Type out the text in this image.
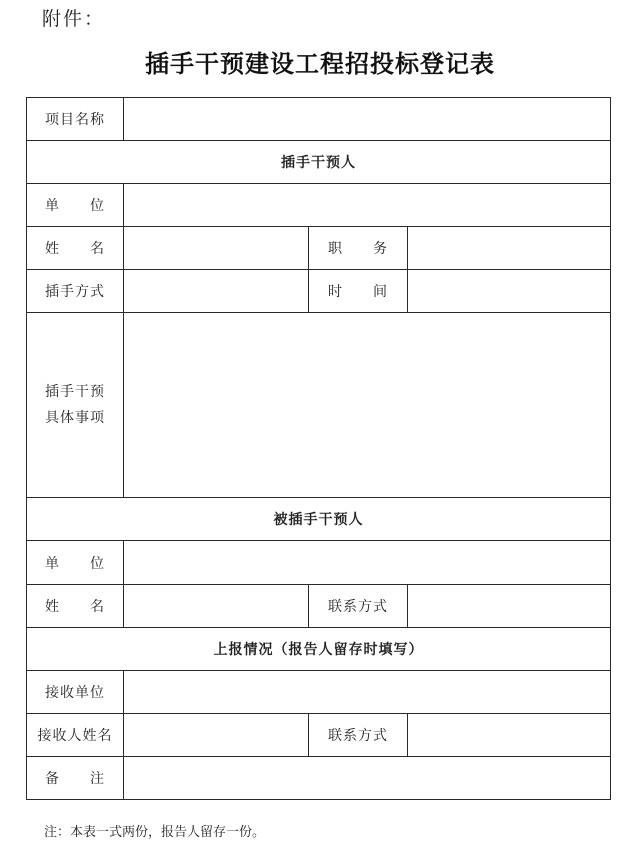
附件：
插手干预建设工程招投标登记表
项目名称			

插手干预人			
单　　位			

姓　　名		职　　务	

插手方式		时　　间	

插手干预
具体事项			

被插手干预人			
单　　位			

姓　　名		联系方式	

上报情况（报告人留存时填写）			
接收单位			

接收人姓名		联系方式	

备　　注			
注：本表一式两份，报告人留存一份。
